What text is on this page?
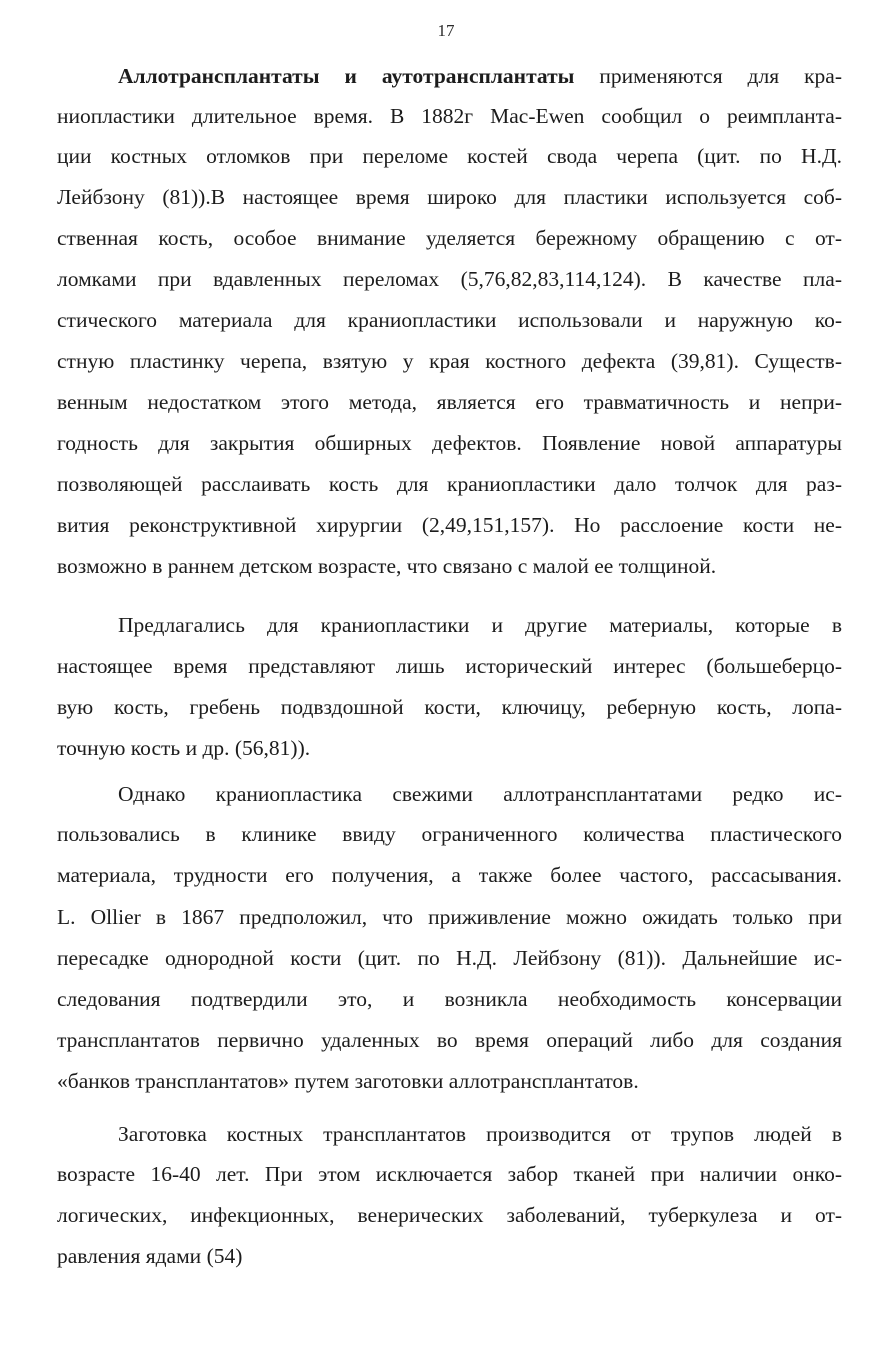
17
Аллотрансплантаты и аутотрансплантаты применяются для кра-
ниопластики длительное время. В 1882г Mac-Ewen сообщил о реимпланта-
ции костных отломков при переломе костей свода черепа (цит. по Н.Д.
Лейбзону (81)).В настоящее время широко для пластики используется соб-
ственная кость, особое внимание уделяется бережному обращению с от-
ломками при вдавленных переломах (5,76,82,83,114,124). В качестве пла-
стического материала для краниопластики использовали и наружную ко-
стную пластинку черепа, взятую у края костного дефекта (39,81). Существ-
венным недостатком этого метода, является его травматичность и непри-
годность для закрытия обширных дефектов. Появление новой аппаратуры
позволяющей расслаивать кость для краниопластики дало толчок для раз-
вития реконструктивной хирургии (2,49,151,157). Но расслоение кости не-
возможно в раннем детском возрасте, что связано с малой ее толщиной.
Предлагались для краниопластики и другие материалы, которые в
настоящее время представляют лишь исторический интерес (большеберцо-
вую кость, гребень подвздошной кости, ключицу, реберную кость, лопа-
точную кость и др. (56,81)).
Однако краниопластика свежими аллотрансплантатами редко ис-
пользовались в клинике ввиду ограниченного количества пластического
материала, трудности его получения, а также более частого, рассасывания.
L. Ollier в 1867 предположил, что приживление можно ожидать только при
пересадке однородной кости (цит. по Н.Д. Лейбзону (81)). Дальнейшие ис-
следования подтвердили это, и возникла необходимость консервации
трансплантатов первично удаленных во время операций либо для создания
«банков трансплантатов» путем заготовки аллотрансплантатов.
Заготовка костных трансплантатов производится от трупов людей в
возрасте 16-40 лет. При этом исключается забор тканей при наличии онко-
логических, инфекционных, венерических заболеваний, туберкулеза и от-
равления ядами (54)
